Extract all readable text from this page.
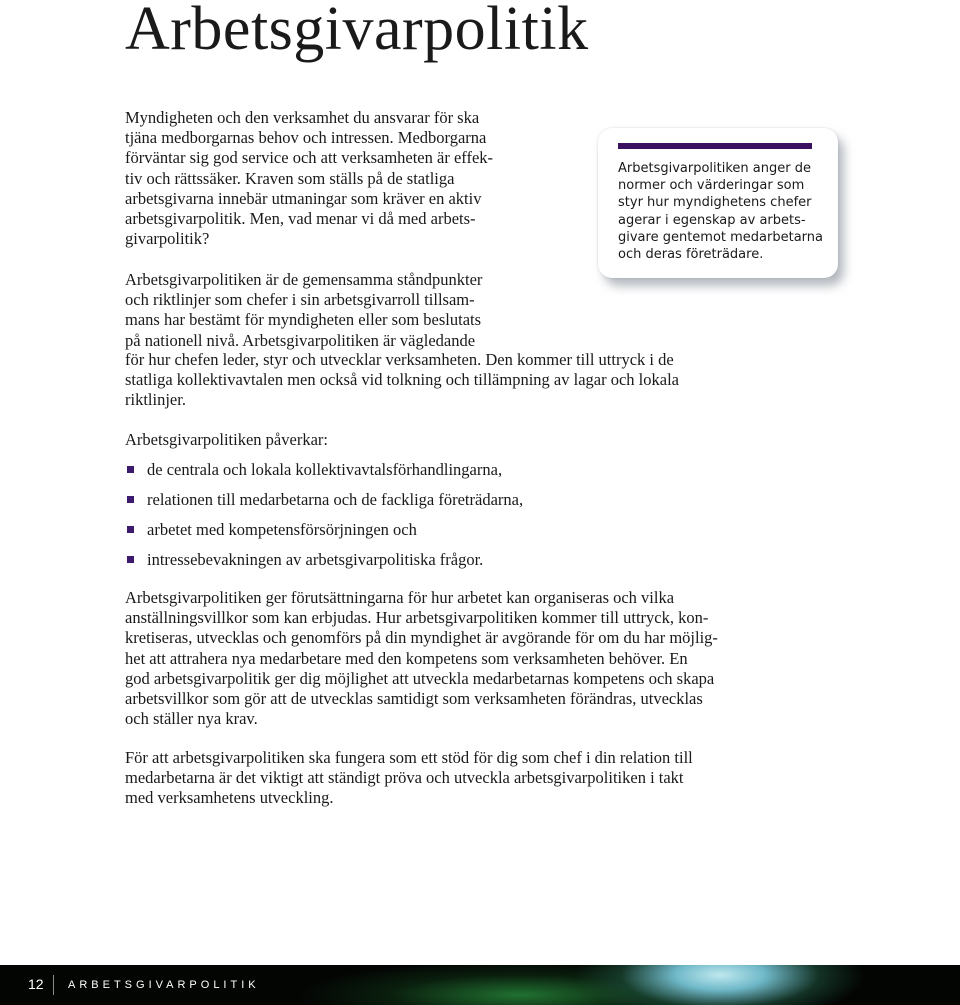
Arbetsgivarpolitik

Myndigheten och den verksamhet du ansvarar för ska
tjäna medborgarnas behov och intressen. Medborgarna
förväntar sig god service och att verksamheten är effek-
tiv och rättssäker. Kraven som ställs på de statliga
arbetsgivarna innebär utmaningar som kräver en aktiv
arbetsgivarpolitik. Men, vad menar vi då med arbets-
givarpolitik?

Arbetsgivarpolitiken anger de
normer och värderingar som
styr hur myndighetens chefer
agerar i egenskap av arbets-
givare gentemot medarbetarna
och deras företrädare.

Arbetsgivarpolitiken är de gemensamma ståndpunkter
och riktlinjer som chefer i sin arbetsgivarroll tillsam-
mans har bestämt för myndigheten eller som beslutats
på nationell nivå. Arbetsgivarpolitiken är vägledande

för hur chefen leder, styr och utvecklar verksamheten. Den kommer till uttryck i de
statliga kollektivavtalen men också vid tolkning och tillämpning av lagar och lokala
riktlinjer.

Arbetsgivarpolitiken påverkar:

de centrala och lokala kollektivavtalsförhandlingarna,
relationen till medarbetarna och de fackliga företrädarna,
arbetet med kompetensförsörjningen och
intressebevakningen av arbetsgivarpolitiska frågor.

Arbetsgivarpolitiken ger förutsättningarna för hur arbetet kan organiseras och vilka
anställningsvillkor som kan erbjudas. Hur arbetsgivarpolitiken kommer till uttryck, kon-
kretiseras, utvecklas och genomförs på din myndighet är avgörande för om du har möjlig-
het att attrahera nya medarbetare med den kompetens som verksamheten behöver. En
god arbetsgivarpolitik ger dig möjlighet att utveckla medarbetarnas kompetens och skapa
arbetsvillkor som gör att de utvecklas samtidigt som verksamheten förändras, utvecklas
och ställer nya krav.

För att arbetsgivarpolitiken ska fungera som ett stöd för dig som chef i din relation till
medarbetarna är det viktigt att ständigt pröva och utveckla arbetsgivarpolitiken i takt
med verksamhetens utveckling.

12 ARBETSGIVARPOLITIK
